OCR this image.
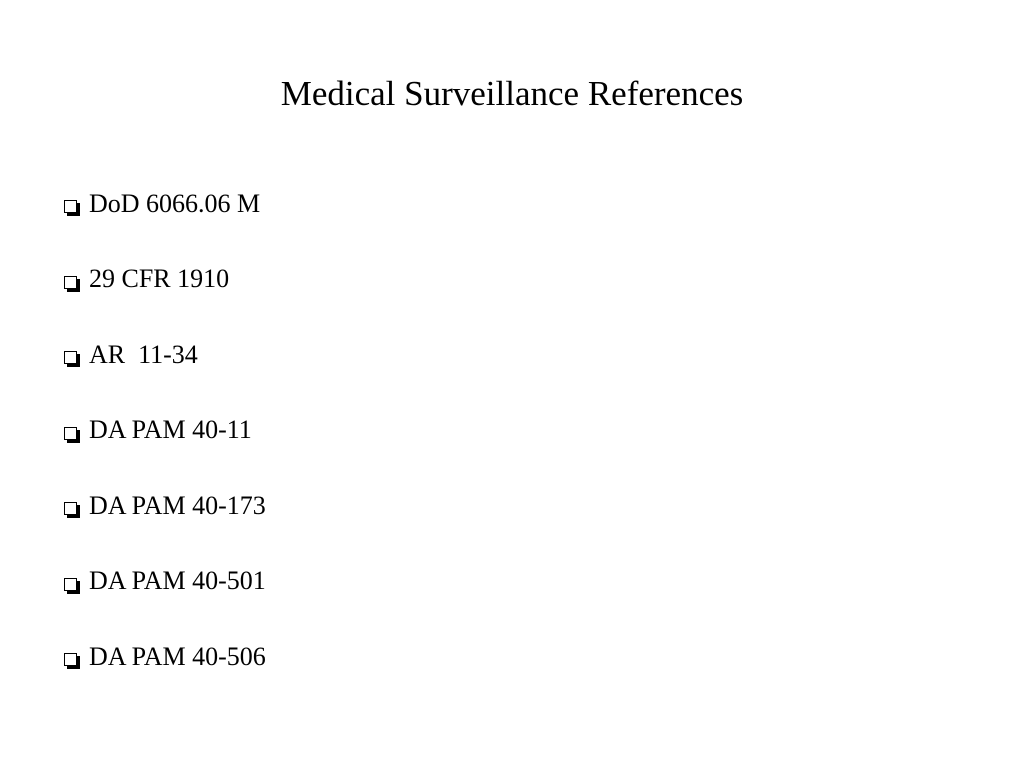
Medical Surveillance References
DoD 6066.06 M
29 CFR 1910
AR  11-34
DA PAM 40-11
DA PAM 40-173
DA PAM 40-501
DA PAM 40-506
